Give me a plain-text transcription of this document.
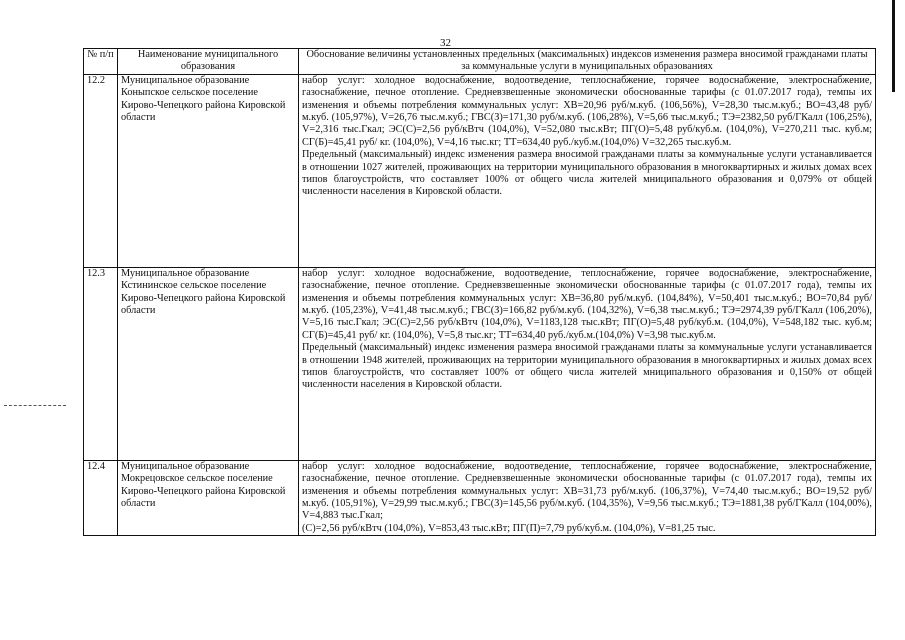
32
№ п/п	Наименование муниципального образования	Обоснование величины установленных предельных (максимальных) индексов изменения размера вносимой гражданами платы за коммунальные услуги в муниципальных образованиях
12.2	Муниципальное образование Коныпское сельское поселение Кирово-Чепецкого района Кировской области	набор услуг: холодное водоснабжение, водоотведение, теплоснабжение, горячее водоснабжение, электроснабжение, газоснабжение, печное отопление. Средневзвешенные экономически обоснованные тарифы (с 01.07.2017 года), темпы их изменения и объемы потребления коммунальных услуг: ХВ=20,96 руб/м.куб. (106,56%), V=28,30 тыс.м.куб.; ВО=43,48 руб/м.куб. (105,97%), V=26,76 тыс.м.куб.; ГВС(З)=171,30 руб/м.куб. (106,28%), V=5,66 тыс.м.куб.; ТЭ=2382,50 руб/ГКалл (106,25%), V=2,316 тыс.Гкал; ЭС(С)=2,56 руб/кВтч (104,0%), V=52,080 тыс.кВт; ПГ(О)=5,48 руб/куб.м. (104,0%), V=270,211 тыс. куб.м; СГ(Б)=45,41 руб/ кг. (104,0%), V=4,16 тыс.кг; ТТ=634,40 руб./куб.м.(104,0%) V=32,265 тыс.куб.м.

Предельный (максимальный) индекс изменения размера вносимой гражданами платы за коммунальные услуги устанавливается в отношении 1027 жителей, проживающих на территории муниципального образования в многоквартирных и жилых домах всех типов благоустройств, что составляет 100% от общего числа жителей мниципального образования и 0,079% от общей численности населения в Кировской области.

12.3	Муниципальное образование Кстининское сельское поселение Кирово-Чепецкого района Кировской области	набор услуг: холодное водоснабжение, водоотведение, теплоснабжение, горячее водоснабжение, электроснабжение, газоснабжение, печное отопление. Средневзвешенные экономически обоснованные тарифы (с 01.07.2017 года), темпы их изменения и объемы потребления коммунальных услуг: ХВ=36,80 руб/м.куб. (104,84%), V=50,401 тыс.м.куб.; ВО=70,84 руб/м.куб. (105,23%), V=41,48 тыс.м.куб.; ГВС(З)=166,82 руб/м.куб. (104,32%), V=6,38 тыс.м.куб.; ТЭ=2974,39 руб/ГКалл (106,20%), V=5,16 тыс.Гкал; ЭС(С)=2,56 руб/кВтч (104,0%), V=1183,128 тыс.кВт; ПГ(О)=5,48 руб/куб.м. (104,0%), V=548,182 тыс. куб.м; СГ(Б)=45,41 руб/ кг. (104,0%), V=5,8 тыс.кг; ТТ=634,40 руб./куб.м.(104,0%) V=3,98 тыс.куб.м.

Предельный (максимальный) индекс изменения размера вносимой гражданами платы за коммунальные услуги устанавливается в отношении 1948 жителей, проживающих на территории муниципального образования в многоквартирных и жилых домах всех типов благоустройств, что составляет 100% от общего числа жителей мниципального образования и 0,150% от общей численности населения в Кировской области.

12.4	Муниципальное образование Мокрецовское сельское поселение Кирово-Чепецкого района Кировской области	набор услуг: холодное водоснабжение, водоотведение, теплоснабжение, горячее водоснабжение, электроснабжение, газоснабжение, печное отопление. Средневзвешенные экономически обоснованные тарифы (с 01.07.2017 года), темпы их изменения и объемы потребления коммунальных услуг: ХВ=31,73 руб/м.куб. (106,37%), V=74,40 тыс.м.куб.; ВО=19,52 руб/м.куб. (105,91%), V=29,99 тыс.м.куб.; ГВС(З)=145,56 руб/м.куб. (104,35%), V=9,56 тыс.м.куб.; ТЭ=1881,38 руб/ГКалл (104,00%), V=4,883 тыс.Гкал;

(С)=2,56 руб/кВтч (104,0%), V=853,43 тыс.кВт; ПГ(П)=7,79 руб/куб.м. (104,0%), V=81,25 тыс.
